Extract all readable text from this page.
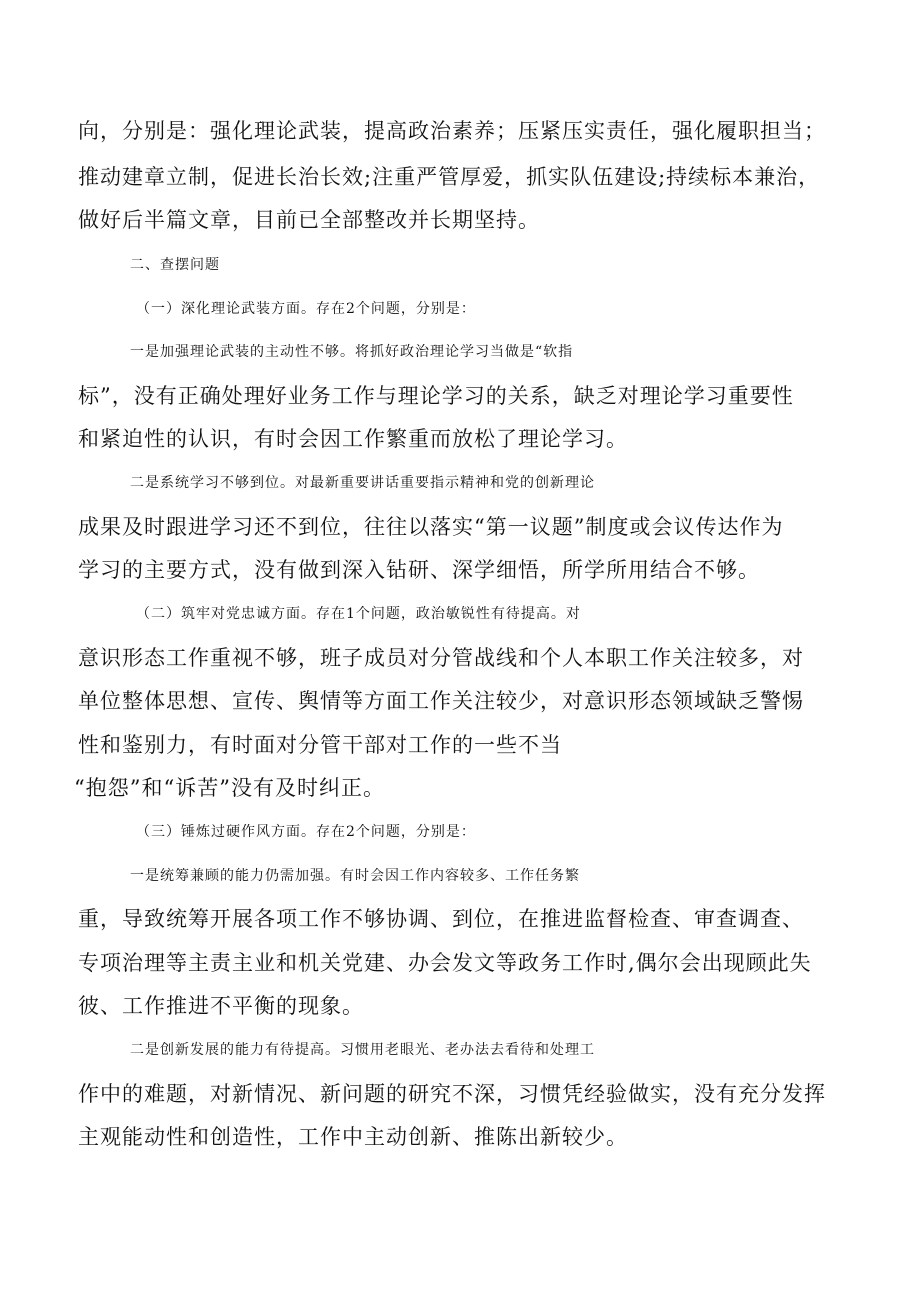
向，分别是：强化理论武装，提高政治素养；压紧压实责任，强化履职担当；

推动建章立制，促进长治长效;注重严管厚爱，抓实队伍建设;持续标本兼治，

做好后半篇文章，目前已全部整改并长期坚持。

二、查摆问题

（一）深化理论武装方面。存在2个问题，分别是：

一是加强理论武装的主动性不够。将抓好政治理论学习当做是“软指

标”，没有正确处理好业务工作与理论学习的关系，缺乏对理论学习重要性

和紧迫性的认识，有时会因工作繁重而放松了理论学习。

二是系统学习不够到位。对最新重要讲话重要指示精神和党的创新理论

成果及时跟进学习还不到位，往往以落实“第一议题”制度或会议传达作为

学习的主要方式，没有做到深入钻研、深学细悟，所学所用结合不够。

（二）筑牢对党忠诚方面。存在1个问题，政治敏锐性有待提高。对

意识形态工作重视不够，班子成员对分管战线和个人本职工作关注较多，对

单位整体思想、宣传、舆情等方面工作关注较少，对意识形态领域缺乏警惕

性和鉴别力，有时面对分管干部对工作的一些不当

“抱怨”和“诉苦”没有及时纠正。

（三）锤炼过硬作风方面。存在2个问题，分别是：

一是统筹兼顾的能力仍需加强。有时会因工作内容较多、工作任务繁

重，导致统筹开展各项工作不够协调、到位，在推进监督检查、审查调查、

专项治理等主责主业和机关党建、办会发文等政务工作时,偶尔会出现顾此失

彼、工作推进不平衡的现象。

二是创新发展的能力有待提高。习惯用老眼光、老办法去看待和处理工

作中的难题，对新情况、新问题的研究不深，习惯凭经验做实，没有充分发挥

主观能动性和创造性，工作中主动创新、推陈出新较少。
